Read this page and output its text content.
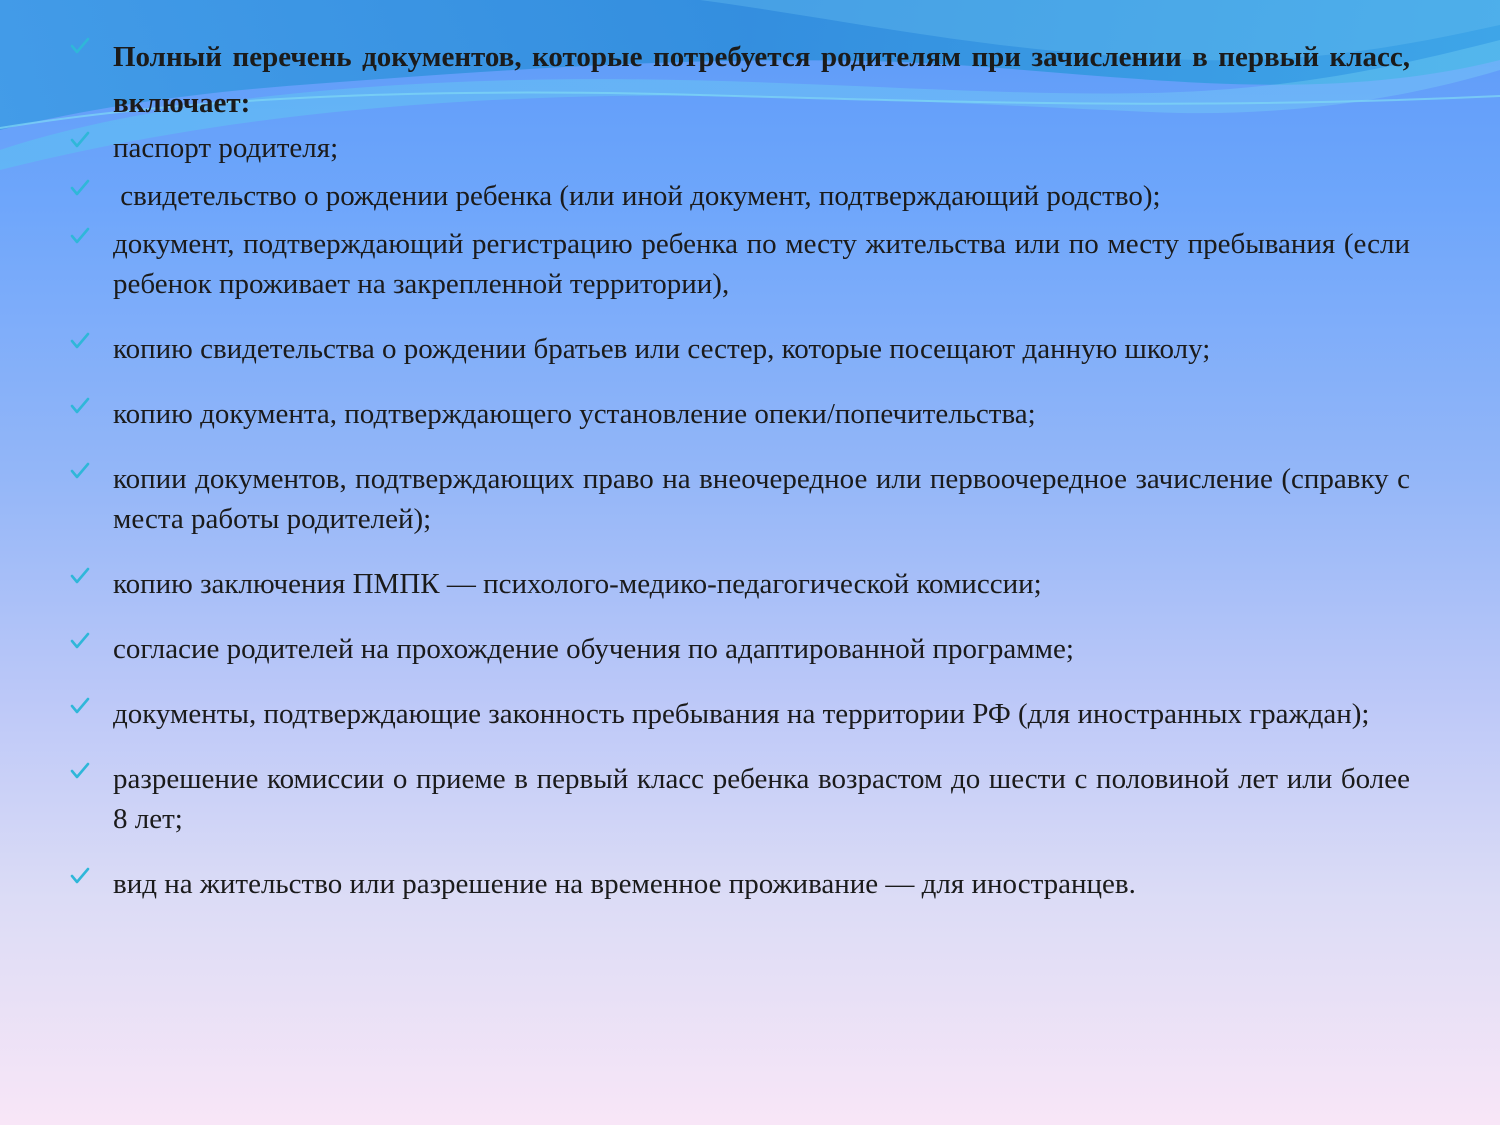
Полный перечень документов, которые потребуется родителям при зачислении в первый класс, включает:
паспорт родителя;
свидетельство о рождении ребенка (или иной документ, подтверждающий родство);
документ, подтверждающий регистрацию ребенка по месту жительства или по месту пребывания (если ребенок проживает на закрепленной территории),
копию свидетельства о рождении братьев или сестер, которые посещают данную школу;
копию документа, подтверждающего установление опеки/попечительства;
копии документов, подтверждающих право на внеочередное или первоочередное зачисление (справку с места работы родителей);
копию заключения ПМПК — психолого-медико-педагогической комиссии;
согласие родителей на прохождение обучения по адаптированной программе;
документы, подтверждающие законность пребывания на территории РФ (для иностранных граждан);
разрешение комиссии о приеме в первый класс ребенка возрастом до шести с половиной лет или более 8 лет;
вид на жительство или разрешение на временное проживание — для иностранцев.
